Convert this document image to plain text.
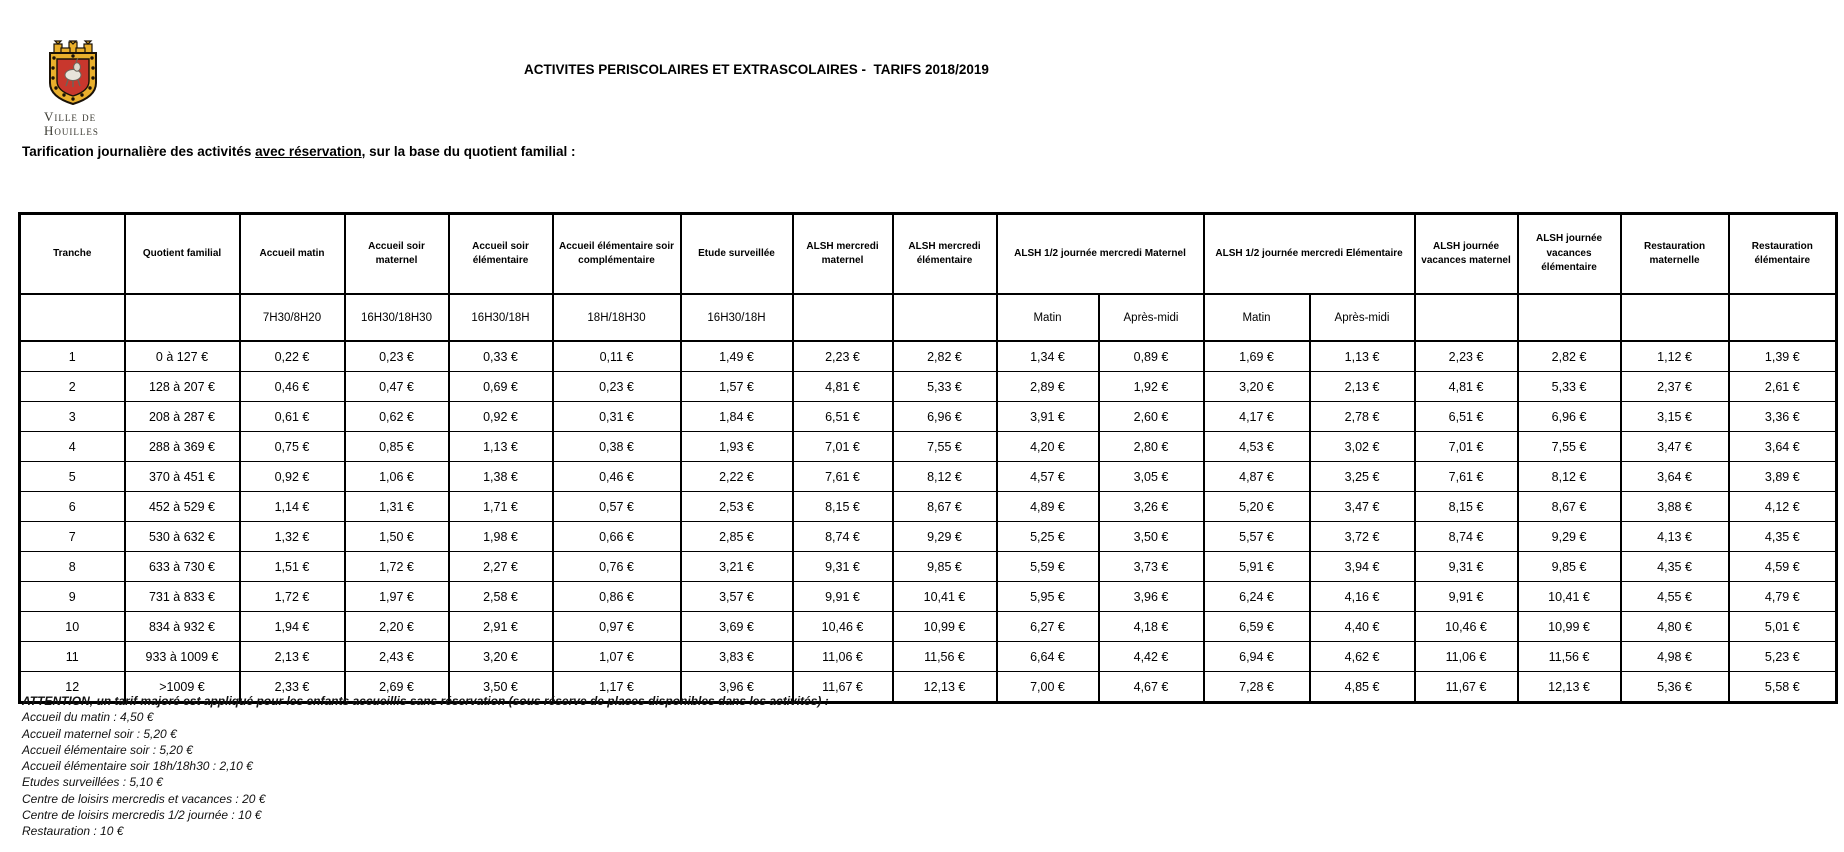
Ville de
Houilles
ACTIVITES PERISCOLAIRES ET EXTRASCOLAIRES -  TARIFS 2018/2019
Tarification journalière des activités avec réservation, sur la base du quotient familial :
Tranche	Quotient familial	Accueil matin	Accueil soir maternel	Accueil soir élémentaire	Accueil élémentaire soir complémentaire	Etude surveillée	ALSH mercredi maternel	ALSH mercredi élémentaire	ALSH 1/2 journée mercredi Maternel		ALSH 1/2 journée mercredi Elémentaire		ALSH journée vacances maternel	ALSH journée vacances élémentaire	Restauration maternelle	Restauration élémentaire
		7H30/8H20	16H30/18H30	16H30/18H	18H/18H30	16H30/18H			Matin	Après-midi	Matin	Après-midi				
1	0 à 127 €	0,22 €	0,23 €	0,33 €	0,11 €	1,49 €	2,23 €	2,82 €	1,34 €	0,89 €	1,69 €	1,13 €	2,23 €	2,82 €	1,12 €	1,39 €
2	128 à 207 €	0,46 €	0,47 €	0,69 €	0,23 €	1,57 €	4,81 €	5,33 €	2,89 €	1,92 €	3,20 €	2,13 €	4,81 €	5,33 €	2,37 €	2,61 €
3	208 à 287 €	0,61 €	0,62 €	0,92 €	0,31 €	1,84 €	6,51 €	6,96 €	3,91 €	2,60 €	4,17 €	2,78 €	6,51 €	6,96 €	3,15 €	3,36 €
4	288 à 369 €	0,75 €	0,85 €	1,13 €	0,38 €	1,93 €	7,01 €	7,55 €	4,20 €	2,80 €	4,53 €	3,02 €	7,01 €	7,55 €	3,47 €	3,64 €
5	370 à 451 €	0,92 €	1,06 €	1,38 €	0,46 €	2,22 €	7,61 €	8,12 €	4,57 €	3,05 €	4,87 €	3,25 €	7,61 €	8,12 €	3,64 €	3,89 €
6	452 à 529 €	1,14 €	1,31 €	1,71 €	0,57 €	2,53 €	8,15 €	8,67 €	4,89 €	3,26 €	5,20 €	3,47 €	8,15 €	8,67 €	3,88 €	4,12 €
7	530 à 632 €	1,32 €	1,50 €	1,98 €	0,66 €	2,85 €	8,74 €	9,29 €	5,25 €	3,50 €	5,57 €	3,72 €	8,74 €	9,29 €	4,13 €	4,35 €
8	633 à 730 €	1,51 €	1,72 €	2,27 €	0,76 €	3,21 €	9,31 €	9,85 €	5,59 €	3,73 €	5,91 €	3,94 €	9,31 €	9,85 €	4,35 €	4,59 €
9	731 à 833 €	1,72 €	1,97 €	2,58 €	0,86 €	3,57 €	9,91 €	10,41 €	5,95 €	3,96 €	6,24 €	4,16 €	9,91 €	10,41 €	4,55 €	4,79 €
10	834 à 932 €	1,94 €	2,20 €	2,91 €	0,97 €	3,69 €	10,46 €	10,99 €	6,27 €	4,18 €	6,59 €	4,40 €	10,46 €	10,99 €	4,80 €	5,01 €
11	933 à 1009 €	2,13 €	2,43 €	3,20 €	1,07 €	3,83 €	11,06 €	11,56 €	6,64 €	4,42 €	6,94 €	4,62 €	11,06 €	11,56 €	4,98 €	5,23 €
12	>1009 €	2,33 €	2,69 €	3,50 €	1,17 €	3,96 €	11,67 €	12,13 €	7,00 €	4,67 €	7,28 €	4,85 €	11,67 €	12,13 €	5,36 €	5,58 €
ATTENTION, un tarif majoré est appliqué pour les enfants accueillis sans réservation (sous réserve de places disponibles dans les activités) :
Accueil du matin : 4,50 €
Accueil maternel soir : 5,20 €
Accueil élémentaire soir : 5,20 €
Accueil élémentaire soir 18h/18h30 : 2,10 €
Etudes surveillées : 5,10 €
Centre de loisirs mercredis et vacances : 20 €
Centre de loisirs mercredis 1/2 journée : 10 €
Restauration : 10 €
